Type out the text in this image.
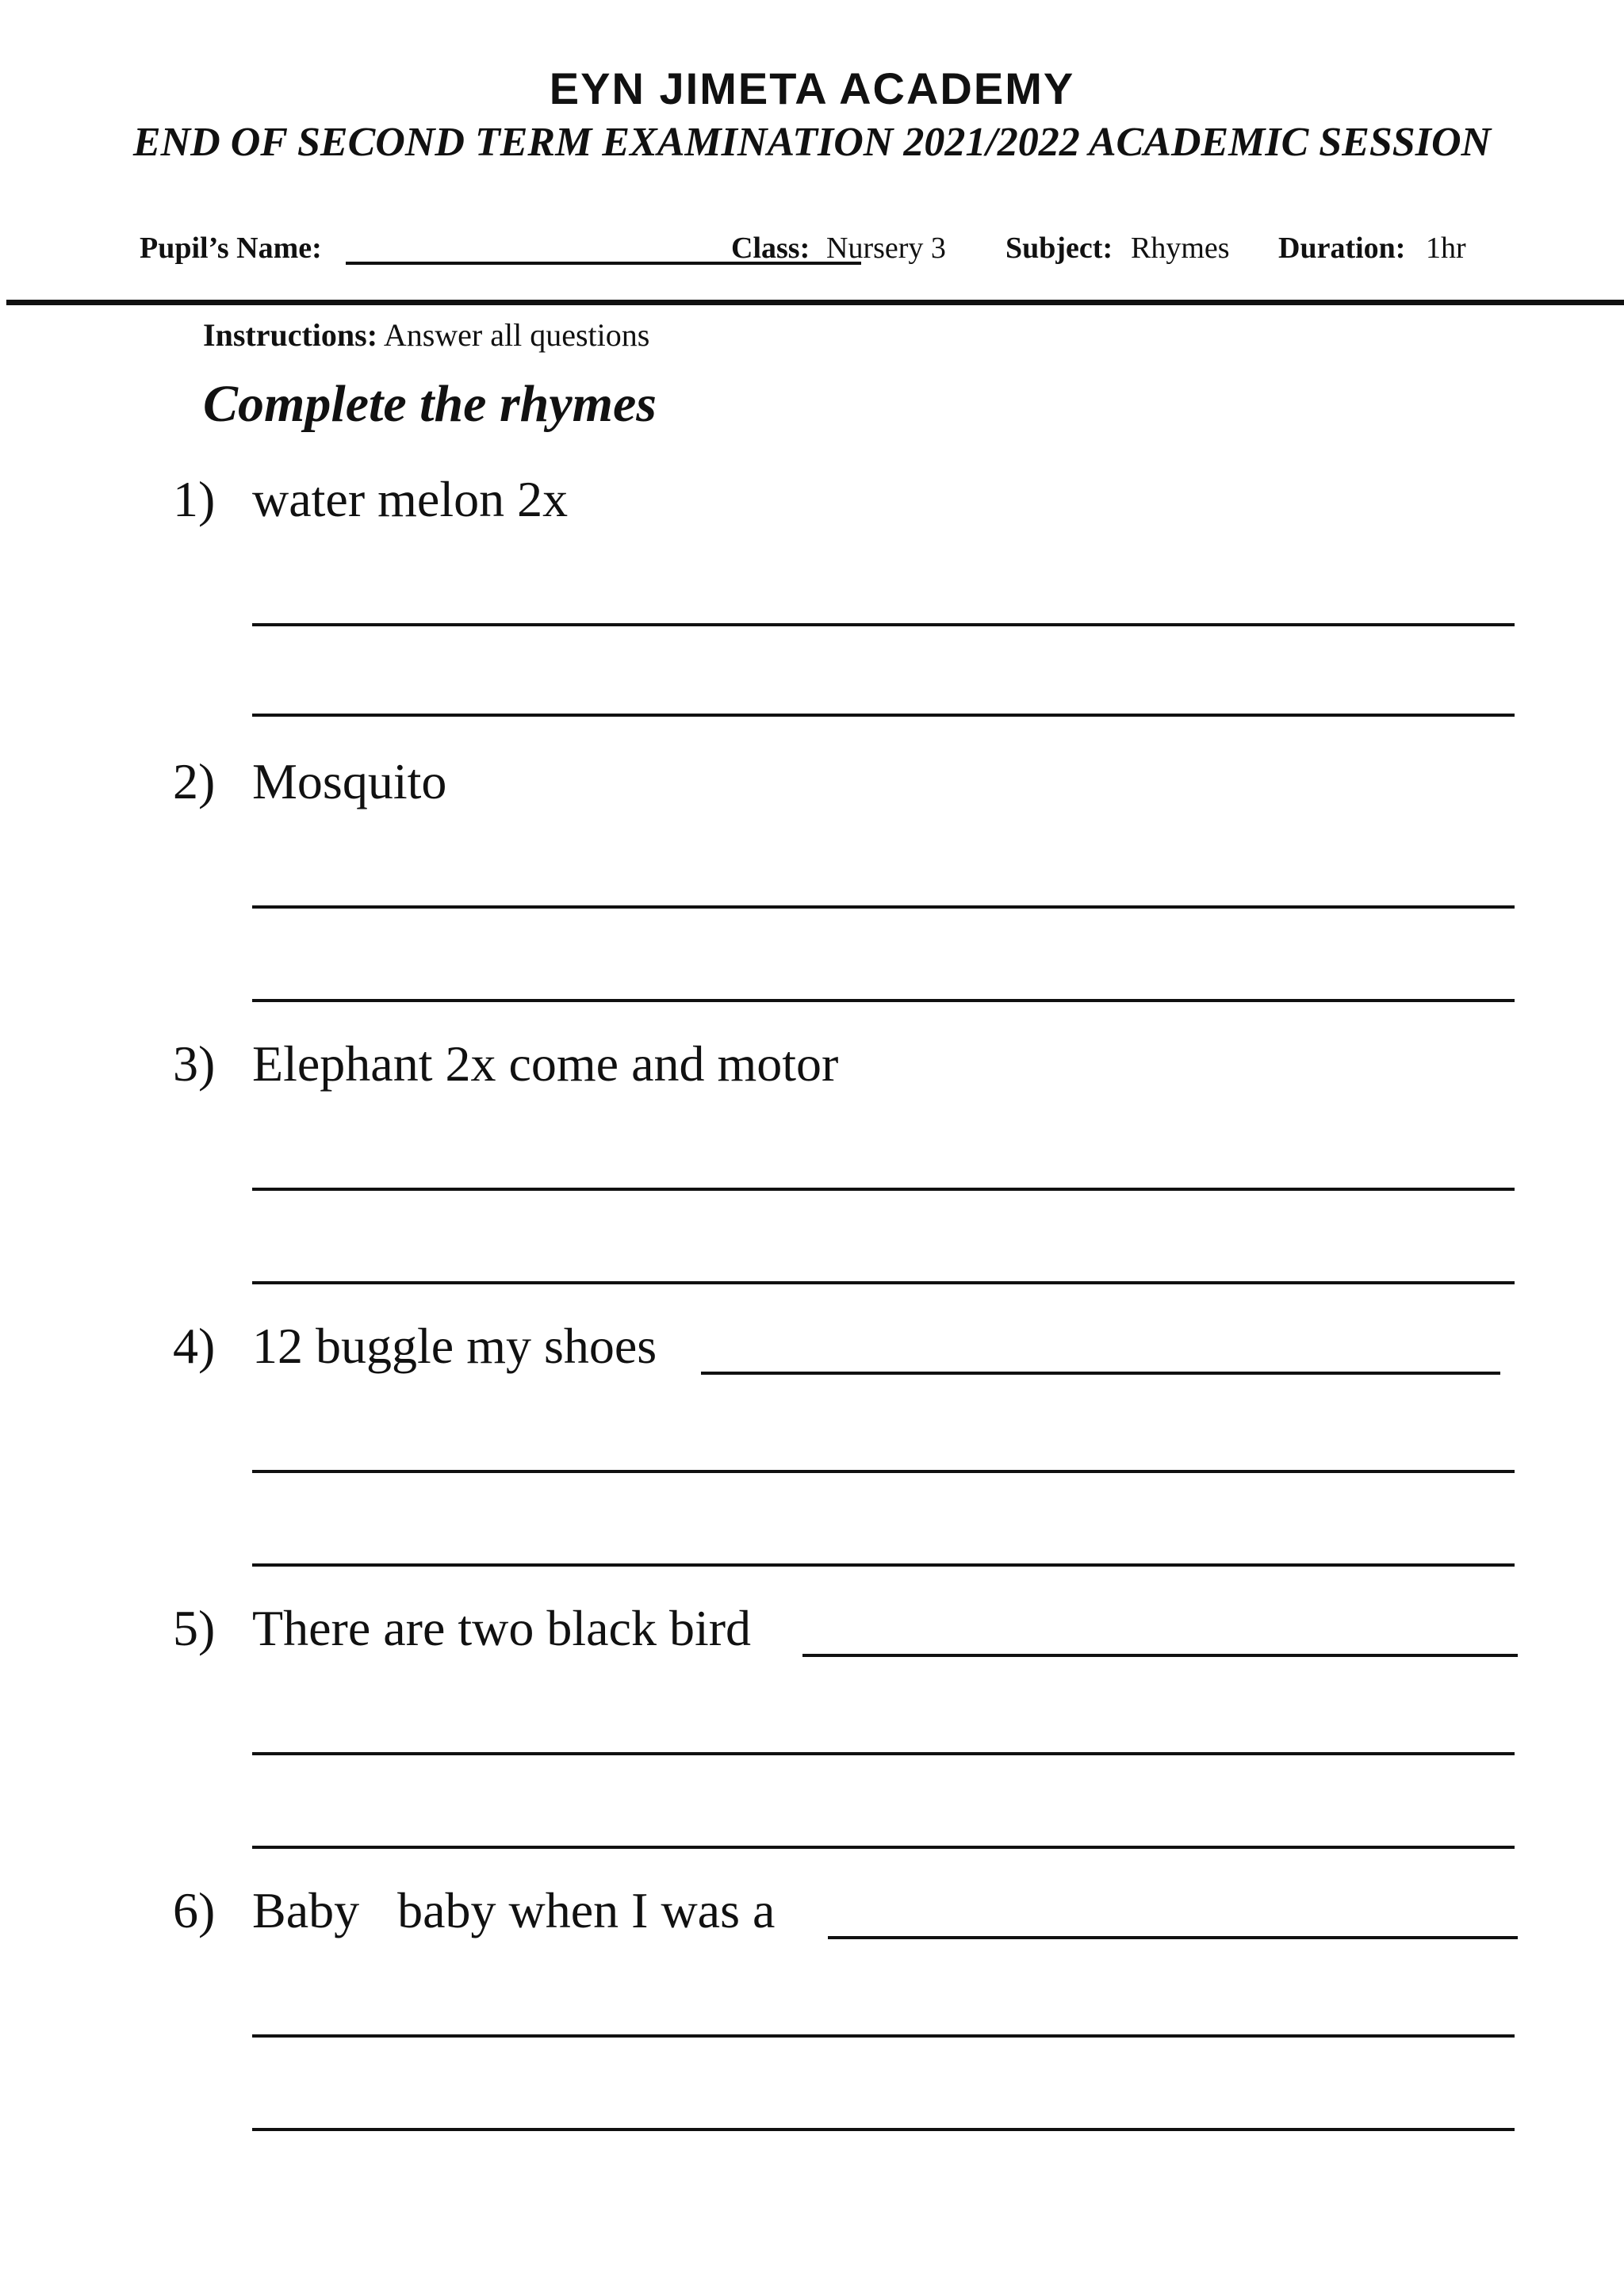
EYN JIMETA ACADEMY
END OF SECOND TERM EXAMINATION 2021/2022 ACADEMIC SESSION
Pupil’s Name:	Class: Nursery 3 Subject: Rhymes Duration: 1hr
Instructions: Answer all questions
Complete the rhymes
1) water melon 2x
2) Mosquito
3) Elephant 2x come and motor
4) 12 buggle my shoes
5) There are two black bird
6) Baby   baby when I was a
